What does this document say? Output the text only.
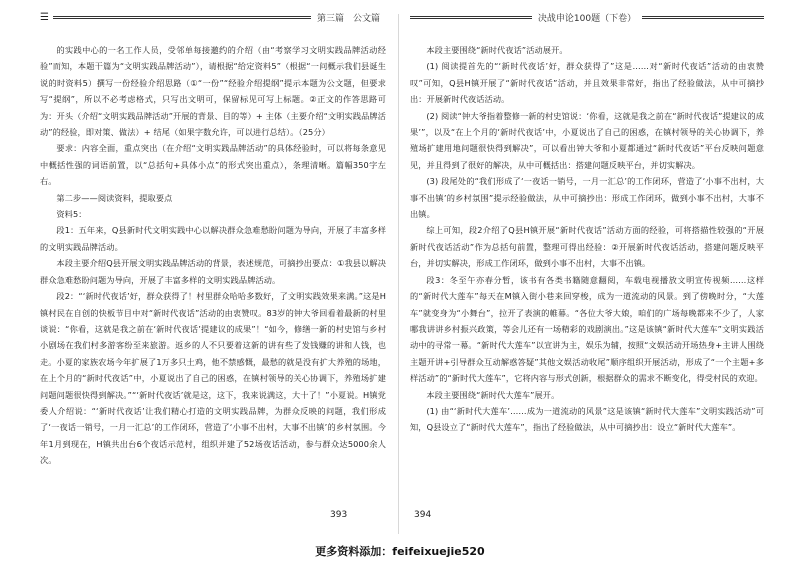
☰	第三篇　公文篇	决战申论100题（下卷）

的实践中心的一名工作人员，受邻单每接邀约的介绍（由“考察学习文明实践品牌活动经验”而知，本题干篇为“文明实践品牌活动”），请根据“给定资料5”（根据“一问概示我们县诞生说的时资料5）撰写一份经验介绍思路（①“一份”“经验介绍提纲”提示本题为公文题，但要求写“提纲”，所以不必考虑格式，只写出文明可，保留标见可写上标题。②正文的作答思路可为：开头（介绍“文明实践品牌活动”开展的背景、目的等）+ 主体（主要介绍“文明实践品牌活动”的经验，即对策、做法）+ 结尾（如果字数允许，可以进行总结）。（25分）

要求：内容全面，重点突出（在介绍“文明实践品牌活动”的具体经验时，可以将每条意见中概括性强的词语前置，以“总括句+具体小点”的形式突出重点），条理清晰。篇幅350字左右。

第二步——阅读资料，提取要点

资料5：

段1：五年来，Q县新时代文明实践中心以解决群众急难愁盼问题为导向，开展了丰富多样的文明实践品牌活动。

本段主要介绍Q县开展文明实践品牌活动的背景，表述规范，可摘抄出要点：①我县以解决群众急难愁盼问题为导向，开展了丰富多样的文明实践品牌活动。

段2：“‘新时代夜话’好，群众获得了！村里群众哈哈多数好，了文明实践效果来满。”这是H镇村民在自创的快板节目中对“新时代夜话”活动的由衷赞叹。83岁的钟大爷回看着最新的村里谈说：“你看，这就是我之前在‘新时代夜话’提建议的成果”！“如今，修缮一新的村史馆与乡村小剧场在我们村多游客纷至来旅游。返乡的人不只要着这新的讲有些了发钱赚的讲和人钱，也走。小夏的家族农场今年扩展了1万多只土鸡，他不禁感慨，最愁的就是没有扩大养殖的场地，在上个月的“新时代夜话”中，小夏说出了自己的困惑，在镇村领导的关心协调下，养殖场扩建问题问题很快得到解决。”“‘新时代夜话’就是这，这下，我来说满这，大十了！”小夏说。H镇党委人介绍说：“‘新时代夜话’让我们精心打造的文明实践品牌，为群众反映的问题，我们形成了‘一夜话一销号，一月一汇总’的工作闭环，营造了‘小事不出村，大事不出镇’的乡村氛围。今年1月到现在，H镇共出台6个夜话示范村，组织并建了52场夜话活动，参与群众达5000余人次。

393

本段主要围绕“新时代夜话”活动展开。

(1) 阅读提首先的“‘新时代夜话’好，群众获得了”这是……对“新时代夜话”活动的由衷赞叹”可知，Q县H镇开展了“新时代夜话”活动，并且效果非常好，指出了经验做法，从中可摘抄出：开展新时代夜话活动。

(2) 阅读“钟大爷指着整修一新的村史馆说：‘你看，这就是我之前在“新时代夜话”提建议的成果’”，以及“在上个月的‘新时代夜话’中，小夏说出了自己的困惑，在镇村领导的关心协调下，养殖场扩建用地问题很快得到解决”，可以看出钟大爷和小夏都通过“新时代夜话”平台反映问题意见，并且得到了很好的解决，从中可概括出：搭建问题反映平台，并切实解决。

(3) 段尾处的“我们形成了‘一夜话一销号，一月一汇总’的工作闭环，营造了‘小事不出村，大事不出镇’的乡村氛围”提示经验做法，从中可摘抄出：形成工作闭环，做到小事不出村，大事不出镇。

综上可知，段2介绍了Q县H镇开展“新时代夜话”活动方面的经验，可将搭描性较强的“开展新时代夜话活动”作为总括句前置，整理可得出经验：②开展新时代夜话活动，搭建问题反映平台，并切实解决，形成工作闭环，做到小事不出村，大事不出镇。

段3：冬至午亦春分暂，该书有各类书籍随意翻阅，车载电视播放文明宣传视频……这样的“新时代大莲车”每天在M镇入街小巷来回穿梭，成为一道流动的风景。到了傍晚时分，“大莲车”就变身为“小舞台”，拉开了表演的帷幕。“各位大爷大娘，咱们的广场每晚都来不少了，人家哪我讲讲乡村振兴政策，等会儿还有一场精彩的戏剧演出。”这是该镇“新时代大莲车”文明实践活动中的寻常一幕。“新时代大莲车”以宣讲为主，娱乐为辅，按照“文娱活动开场热身+主讲人围绕主题开讲+引导群众互动解惑答疑”其他文娱活动收尾”顺序组织开展活动，形成了“一个主题+多样活动”的“新时代大莲车”，它将内容与形式创新，根据群众的需求不断变化，得受村民的欢迎。

本段主要围绕“新时代大莲车”展开。

(1) 由“‘新时代大莲车’……成为一道流动的风景”这是该镇“新时代大莲车”文明实践活动”可知，Q县设立了“新时代大莲车”，指出了经验做法，从中可摘抄出：设立“新时代大莲车”。

394
更多资料添加：feifeixuejie520
